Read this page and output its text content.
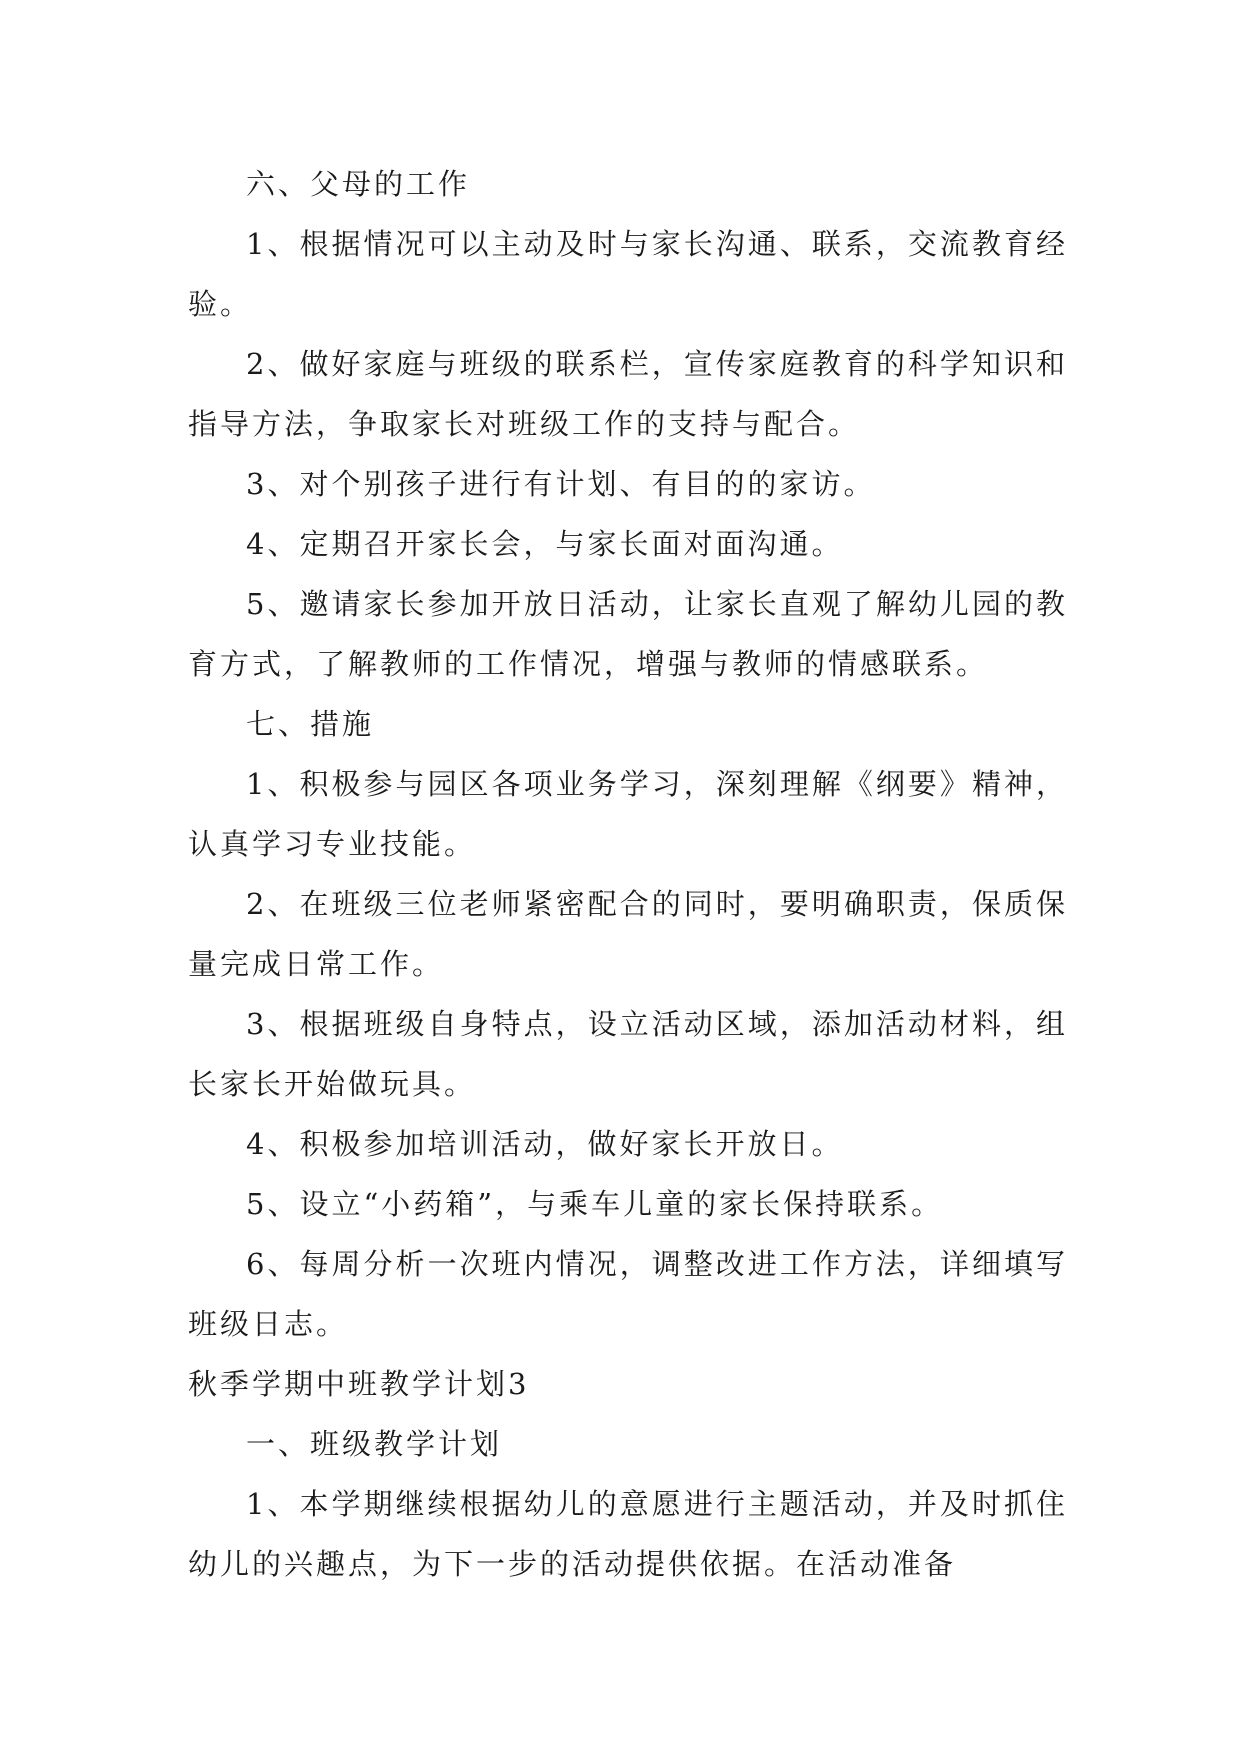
六、父母的工作

1、根据情况可以主动及时与家长沟通、联系，交流教育经验。

2、做好家庭与班级的联系栏，宣传家庭教育的科学知识和指导方法，争取家长对班级工作的支持与配合。

3、对个别孩子进行有计划、有目的的家访。

4、定期召开家长会，与家长面对面沟通。

5、邀请家长参加开放日活动，让家长直观了解幼儿园的教育方式，了解教师的工作情况，增强与教师的情感联系。

七、措施

1、积极参与园区各项业务学习，深刻理解《纲要》精神，认真学习专业技能。

2、在班级三位老师紧密配合的同时，要明确职责，保质保量完成日常工作。

3、根据班级自身特点，设立活动区域，添加活动材料，组长家长开始做玩具。

4、积极参加培训活动，做好家长开放日。

5、设立“小药箱”，与乘车儿童的家长保持联系。

6、每周分析一次班内情况，调整改进工作方法，详细填写班级日志。

秋季学期中班教学计划3

一、班级教学计划

1、本学期继续根据幼儿的意愿进行主题活动，并及时抓住幼儿的兴趣点，为下一步的活动提供依据。在活动准备
